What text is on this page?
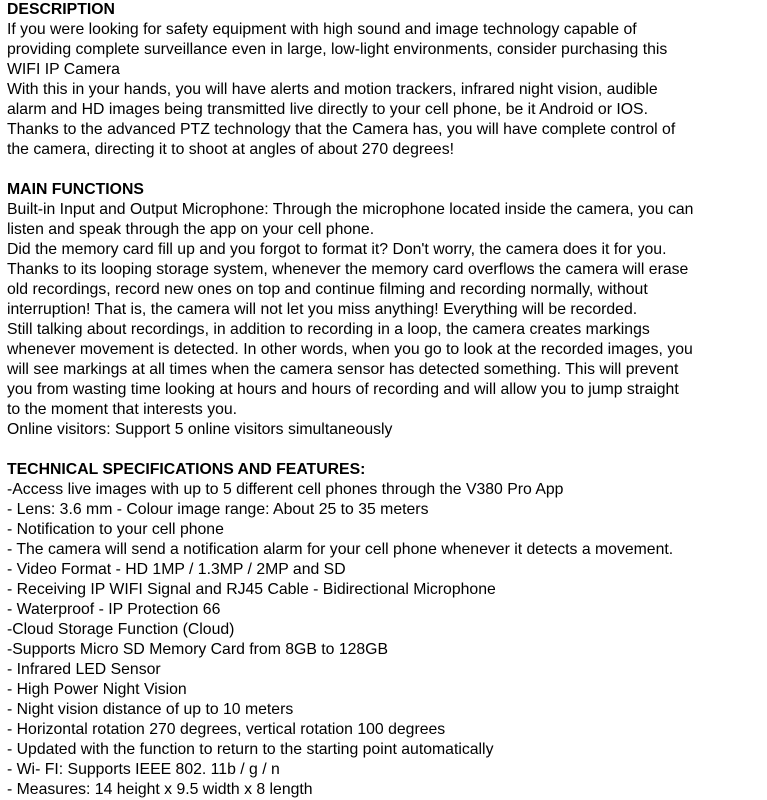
DESCRIPTION
If you were looking for safety equipment with high sound and image technology capable of
providing complete surveillance even in large, low-light environments, consider purchasing this
WIFI IP Camera
With this in your hands, you will have alerts and motion trackers, infrared night vision, audible
alarm and HD images being transmitted live directly to your cell phone, be it Android or IOS.
Thanks to the advanced PTZ technology that the Camera has, you will have complete control of
the camera, directing it to shoot at angles of about 270 degrees!
MAIN FUNCTIONS
Built-in Input and Output Microphone: Through the microphone located inside the camera, you can
listen and speak through the app on your cell phone.
Did the memory card fill up and you forgot to format it? Don't worry, the camera does it for you.
Thanks to its looping storage system, whenever the memory card overflows the camera will erase
old recordings, record new ones on top and continue filming and recording normally, without
interruption! That is, the camera will not let you miss anything! Everything will be recorded.
Still talking about recordings, in addition to recording in a loop, the camera creates markings
whenever movement is detected. In other words, when you go to look at the recorded images, you
will see markings at all times when the camera sensor has detected something. This will prevent
you from wasting time looking at hours and hours of recording and will allow you to jump straight
to the moment that interests you.
Online visitors: Support 5 online visitors simultaneously
TECHNICAL SPECIFICATIONS AND FEATURES:
-Access live images with up to 5 different cell phones through the V380 Pro App
- Lens: 3.6 mm - Colour image range: About 25 to 35 meters
- Notification to your cell phone
- The camera will send a notification alarm for your cell phone whenever it detects a movement.
- Video Format - HD 1MP / 1.3MP / 2MP and SD
- Receiving IP WIFI Signal and RJ45 Cable - Bidirectional Microphone
- Waterproof - IP Protection 66
-Cloud Storage Function (Cloud)
-Supports Micro SD Memory Card from 8GB to 128GB
- Infrared LED Sensor
- High Power Night Vision
- Night vision distance of up to 10 meters
- Horizontal rotation 270 degrees, vertical rotation 100 degrees
- Updated with the function to return to the starting point automatically
- Wi- FI: Supports IEEE 802. 11b / g / n
- Measures: 14 height x 9.5 width x 8 length
